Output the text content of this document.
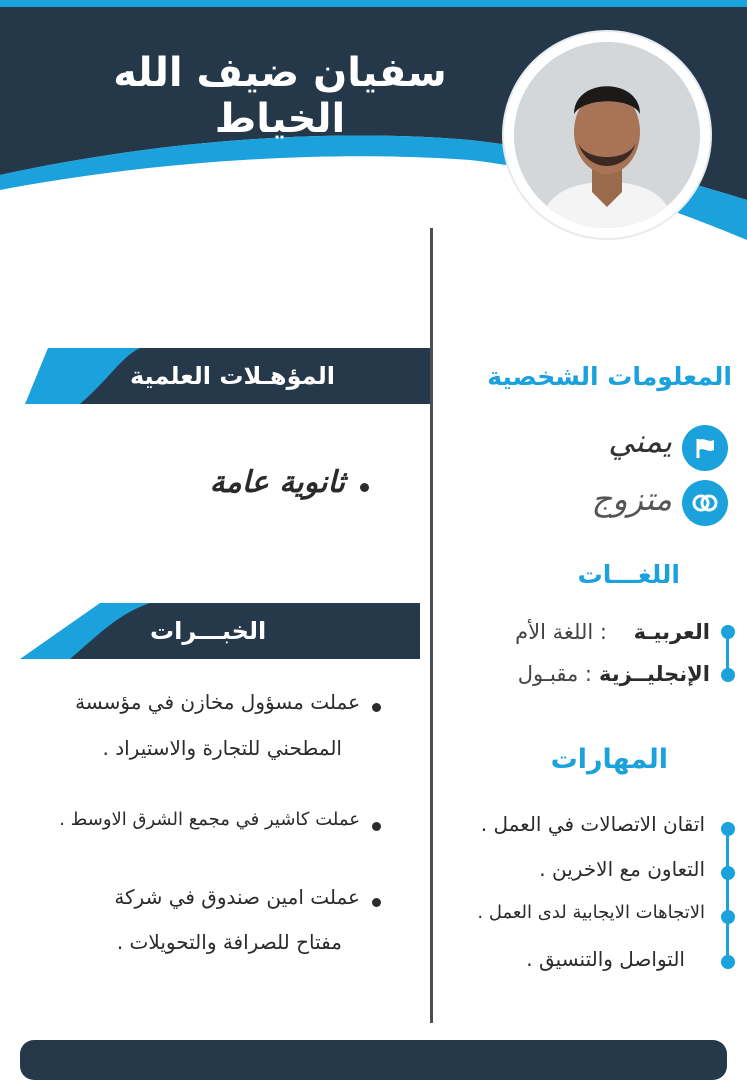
سفيان ضيف الله الخياط
المعلومات الشخصية
يمني
متزوج
اللغـــات
العربيـة
: اللغة الأم
الإنجليــزية
: مقبـول
المهارات
اتقان الاتصالات في العمل .
التعاون مع الاخرين .
الاتجاهات الايجابية لدى العمل .
التواصل والتنسيق .
المؤهـلات العلمية
ثانوية عامة
الخبـــرات
عملت مسؤول مخازن في مؤسسة
المطحني للتجارة والاستيراد .
عملت كاشير في مجمع الشرق الاوسط .
عملت امين صندوق في شركة
مفتاح للصرافة والتحويلات .
